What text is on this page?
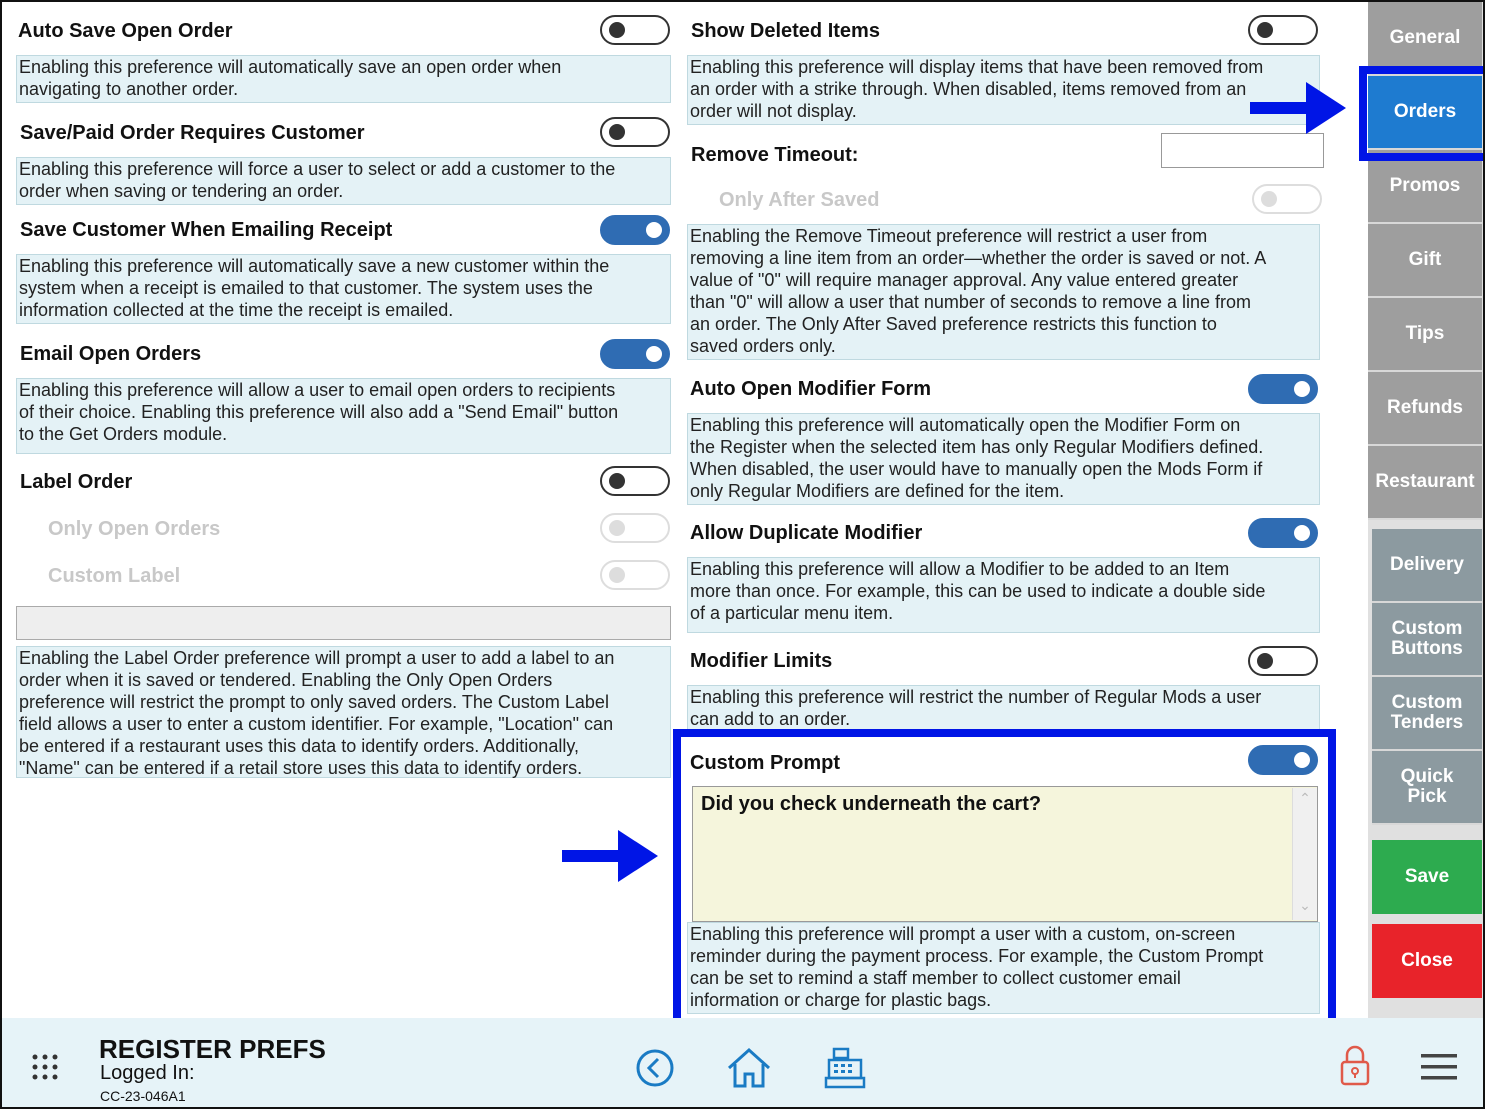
Auto Save Open Order
Enabling this preference will automatically save an open order when
navigating to another order.
Save/Paid Order Requires Customer
Enabling this preference will force a user to select or add a customer to the
order when saving or tendering an order.
Save Customer When Emailing Receipt
Enabling this preference will automatically save a new customer within the
system when a receipt is emailed to that customer. The system uses the
information collected at the time the receipt is emailed.
Email Open Orders
Enabling this preference will allow a user to email open orders to recipients
of their choice. Enabling this preference will also add a "Send Email" button
to the Get Orders module.
Label Order
Only Open Orders
Custom Label
Enabling the Label Order preference will prompt a user to add a label to an
order when it is saved or tendered. Enabling the Only Open Orders
preference will restrict the prompt to only saved orders. The Custom Label
field allows a user to enter a custom identifier. For example, "Location" can
be entered if a restaurant uses this data to identify orders. Additionally,
"Name" can be entered if a retail store uses this data to identify orders.
Show Deleted Items
Enabling this preference will display items that have been removed from
an order with a strike through. When disabled, items removed from an
order will not display.
Remove Timeout:
Only After Saved
Enabling the Remove Timeout preference will restrict a user from
removing a line item from an order—whether the order is saved or not. A
value of "0" will require manager approval. Any value entered greater
than "0" will allow a user that number of seconds to remove a line from
an order. The Only After Saved preference restricts this function to
saved orders only.
Auto Open Modifier Form
Enabling this preference will automatically open the Modifier Form on
the Register when the selected item has only Regular Modifiers defined.
When disabled, the user would have to manually open the Mods Form if
only Regular Modifiers are defined for the item.
Allow Duplicate Modifier
Enabling this preference will allow a Modifier to be added to an Item
more than once. For example, this can be used to indicate a double side
of a particular menu item.
Modifier Limits
Enabling this preference will restrict the number of Regular Mods a user
can add to an order.
Custom Prompt
Did you check underneath the cart?	⌃
⌄
Enabling this preference will prompt a user with a custom, on-screen
reminder during the payment process. For example, the Custom Prompt
can be set to remind a staff member to collect customer email
information or charge for plastic bags.
General
Orders
Promos
Gift
Tips
Refunds
Restaurant
Delivery
Custom
Buttons
Custom
Tenders
Quick
Pick
Save
Close
REGISTER PREFS
Logged In:
CC-23-046A1
